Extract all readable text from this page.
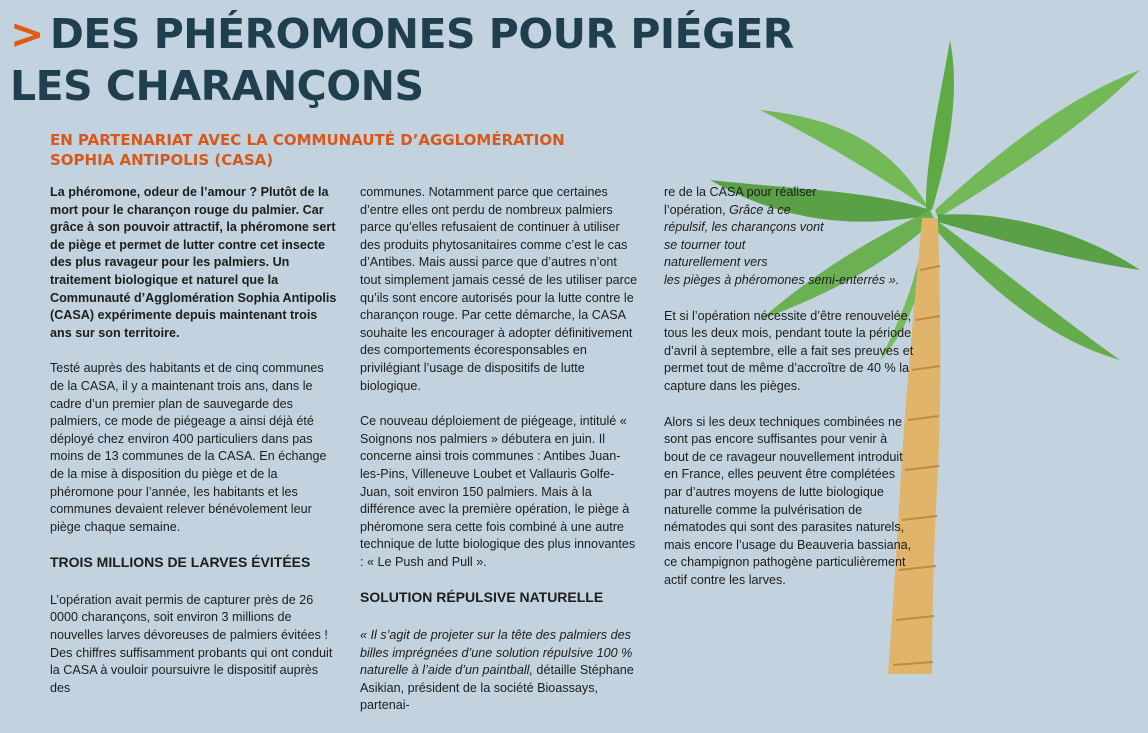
> DES PHÉROMONES POUR PIÉGER
LES CHARANÇONS
EN PARTENARIAT AVEC LA COMMUNAUTÉ D’AGGLOMÉRATION
SOPHIA ANTIPOLIS (CASA)

La phéromone, odeur de l’amour ? Plutôt de la mort pour le charançon rouge du palmier. Car grâce à son pouvoir attractif, la phéromone sert de piège et permet de lutter contre cet insecte des plus ravageur pour les palmiers. Un traitement biologique et naturel que la Communauté d’Agglomération Sophia Antipolis (CASA) expérimente depuis maintenant trois ans sur son territoire.

Testé auprès des habitants et de cinq communes de la CASA, il y a maintenant trois ans, dans le cadre d’un premier plan de sauvegarde des palmiers, ce mode de piégeage a ainsi déjà été déployé chez environ 400 particuliers dans pas moins de 13 communes de la CASA. En échange de la mise à disposition du piège et de la phéromone pour l’année, les habitants et les communes devaient relever bénévolement leur piège chaque semaine.

TROIS MILLIONS DE LARVES ÉVITÉES

L’opération avait permis de capturer près de 26 0000 charançons, soit environ 3 millions de nouvelles larves dévoreuses de palmiers évitées ! Des chiffres suffisamment probants qui ont conduit la CASA à vouloir poursuivre le dispositif auprès des

communes. Notamment parce que certaines d’entre elles ont perdu de nombreux palmiers parce qu’elles refusaient de continuer à utiliser des produits phytosanitaires comme c’est le cas d’Antibes. Mais aussi parce que d’autres n’ont tout simplement jamais cessé de les utiliser parce qu’ils sont encore autorisés pour la lutte contre le charançon rouge. Par cette démarche, la CASA souhaite les encourager à adopter définitivement des comportements écoresponsables en privilégiant l’usage de dispositifs de lutte biologique.

Ce nouveau déploiement de piégeage, intitulé « Soignons nos palmiers » débutera en juin. Il concerne ainsi trois communes : Antibes Juan-les-Pins, Villeneuve Loubet et Vallauris Golfe-Juan, soit environ 150 palmiers. Mais à la différence avec la première opération, le piège à phéromone sera cette fois combiné à une autre technique de lutte biologique des plus innovantes : « Le Push and Pull ».

SOLUTION RÉPULSIVE NATURELLE

« Il s’agit de projeter sur la tête des palmiers des billes imprégnées d’une solution répulsive 100 % naturelle à l’aide d’un paintball, détaille Stéphane Asikian, président de la société Bioassays, partenai-

re de la CASA pour réaliser l’opération, Grâce à ce répulsif, les charançons vont se tourner tout naturellement vers
les pièges à phéromones semi-enterrés ».

Et si l’opération nécessite d’être renouvelée, tous les deux mois, pendant toute la période d’avril à septembre, elle a fait ses preuves et permet tout de même d’accroître de 40 % la capture dans les pièges.

Alors si les deux techniques combinées ne sont pas encore suffisantes pour venir à bout de ce ravageur nouvellement introduit en France, elles peuvent être complétées par d’autres moyens de lutte biologique naturelle comme la pulvérisation de nématodes qui sont des parasites naturels, mais encore l’usage du Beauveria bassiana, ce champignon pathogène particulièrement actif contre les larves.
